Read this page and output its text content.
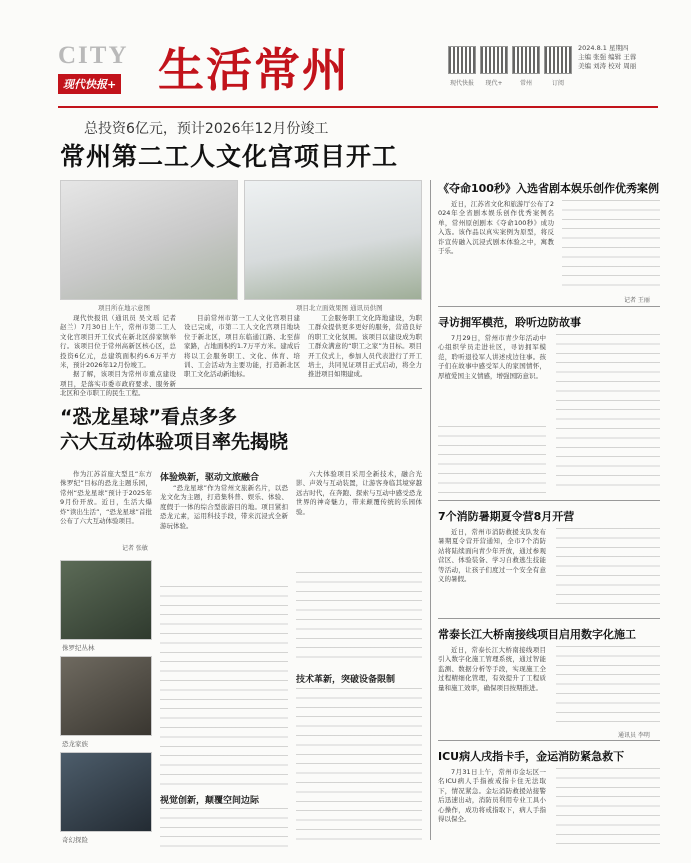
CITY
现代快报+ 生活常州	现代快报	现代+	常州	订阅
2024.8.1 星期四
主编 张强 编辑 王蓉
美编 刘涛 校对 周丽
总投资6亿元，预计2026年12月份竣工
常州第二工人文化宫项目开工
项目所在地示意图	项目北立面效果图 通讯员供图

现代快报讯（通讯员 吴文瑶 记者 赵兰）7月30日上午，常州市第二工人文化宫项目开工仪式在新北区薛家镇举行。该项目位于常州高新区核心区，总投资6亿元，总建筑面积约6.6万平方米，预计2026年12月份竣工。

据了解，该项目为常州市重点建设项目，是落实市委市政府要求、服务新北区和全市职工的民生工程。

目前常州市第一工人文化宫项目建设已完成，市第二工人文化宫项目地块位于新北区，项目东临通江路、北至薛家路，占地面积约1.7万平方米。建成后将以工会服务职工、文化、体育、培训、工会活动为主要功能，打造新北区职工文化活动新地标。

工会服务职工文化阵地建设，为职工群众提供更多更好的服务，营造良好的职工文化氛围。该项目以建设成为职工群众满意的“职工之家”为目标。项目开工仪式上，参加人员代表进行了开工培土，共同见证项目正式启动，将全力推进项目如期建成。

“恐龙星球”看点多多
六大互动体验项目率先揭晓

作为江苏首座大型且“东方侏罗纪”目标的恐龙主题乐园，常州“恐龙星球”预计于2025年9月份开放。近日，生活大爆炸“读出生活”，“恐龙星球”首批公布了六大互动体验项目。

记者 张敏
侏罗纪丛林
恐龙家族
奇幻探险
体验焕新，驱动文旅融合

“恐龙星球”作为常州文旅新名片，以恐龙文化为主题，打造集科普、娱乐、体验、度假于一体的综合型旅游目的地。项目紧扣恐龙元素，运用科技手段，带来沉浸式全新游玩体验。

视觉创新，颠覆空间边际

六大体验项目采用全新技术，融合光影、声效与互动装置，让游客身临其境穿越远古时代，在奔跑、探索与互动中感受恐龙世界的神奇魅力，带来颠覆传统的乐园体验。

技术革新，突破设备限制
《夺命100秒》入选省剧本娱乐创作优秀案例

近日，江苏省文化和旅游厅公布了2024年全省剧本娱乐创作优秀案例名单，常州原创剧本《夺命100秒》成功入选。该作品以真实案例为原型，将反诈宣传融入沉浸式剧本体验之中，寓教于乐。

记者 王丽
寻访拥军模范，聆听边防故事

7月29日，常州市青少年活动中心组织学员走进社区，寻访拥军模范，聆听退役军人讲述戍边往事。孩子们在故事中感受军人的家国情怀，厚植爱国主义情感，增强国防意识。

7个消防暑期夏令营8月开营

近日，常州市消防救援支队发布暑期夏令营开营通知，全市7个消防站将陆续面向青少年开放，通过参观营区、体验装备、学习自救逃生技能等活动，让孩子们度过一个安全有意义的暑假。

常泰长江大桥南接线项目启用数字化施工

近日，常泰长江大桥南接线项目引入数字化施工管理系统，通过智能监测、数据分析等手段，实现施工全过程精细化管理，有效提升了工程质量和施工效率，确保项目按期推进。

通讯员 李明
ICU病人戌指卡手，金运消防紧急救下

7月31日上午，常州市金坛区一名ICU病人手指被戒指卡住无法取下，情况紧急。金坛消防救援站接警后迅速出动，消防员利用专业工具小心操作，成功将戒指取下，病人手指得以保全。
